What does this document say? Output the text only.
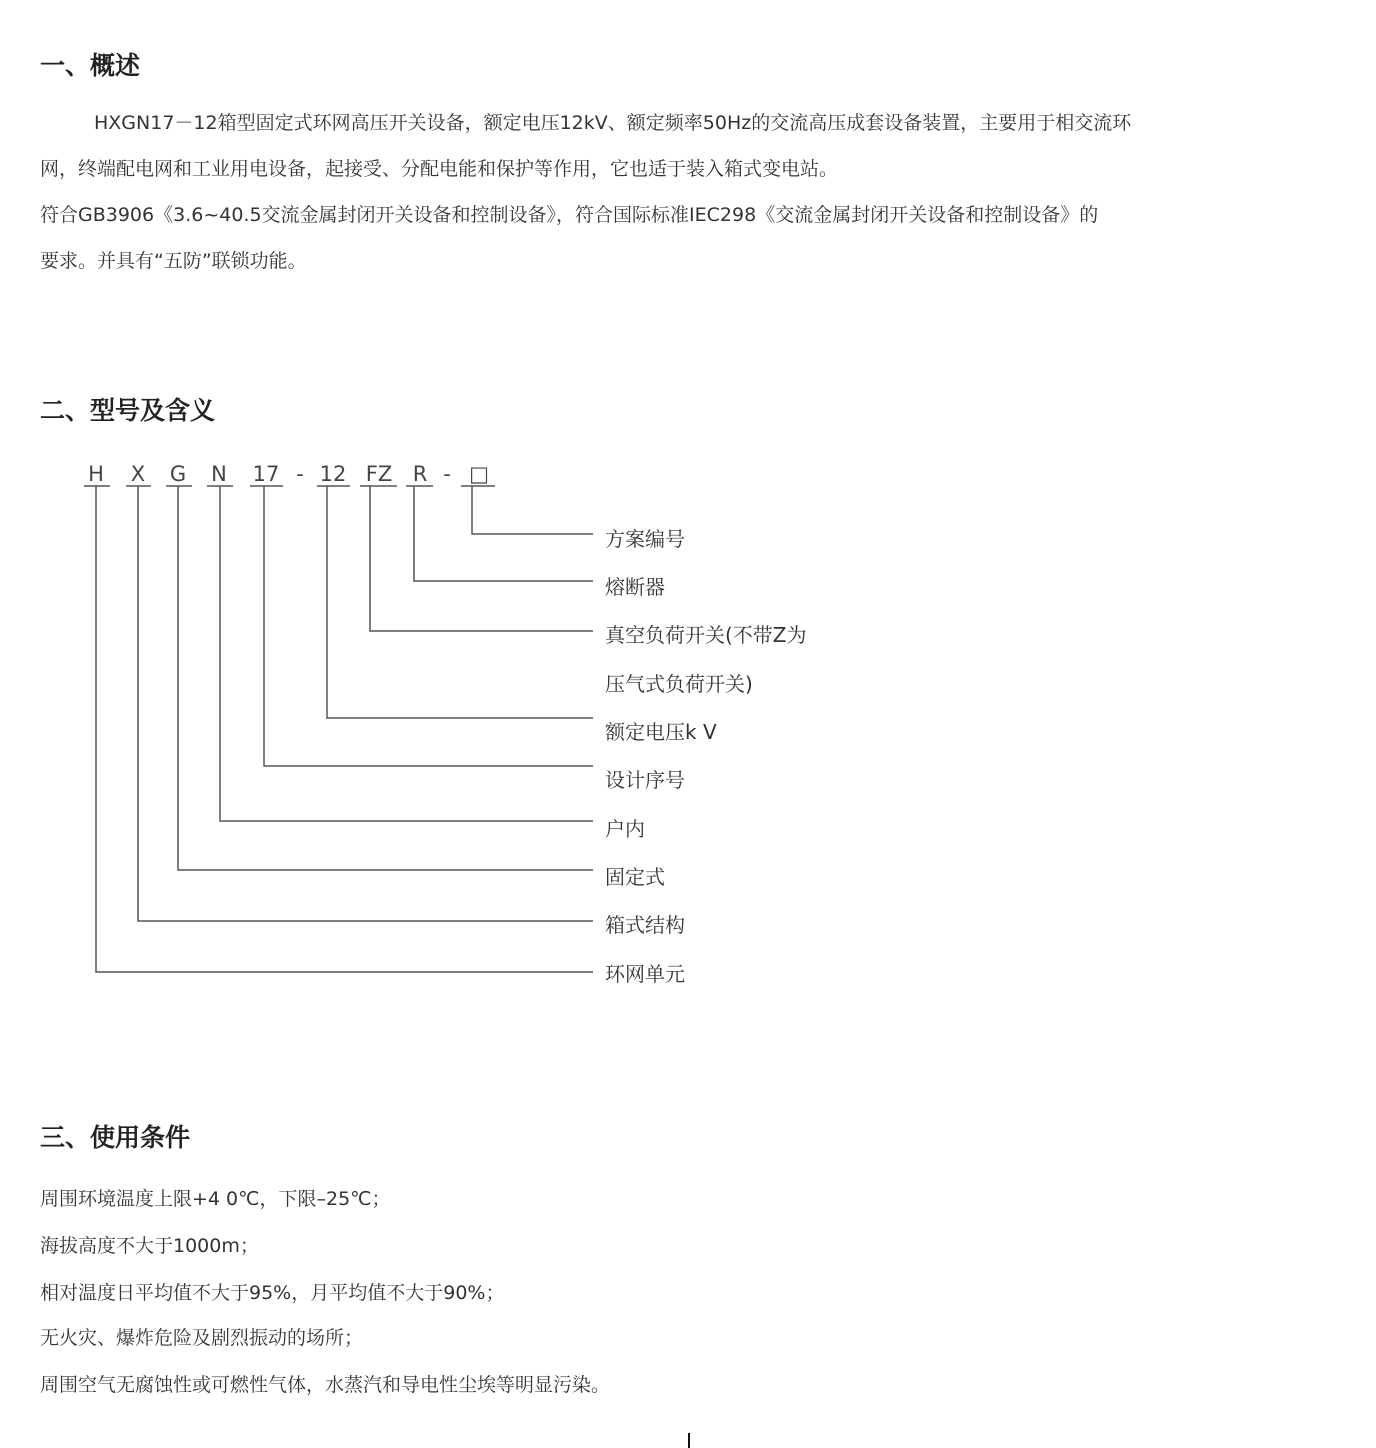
一、概述
HXGN17－12箱型固定式环网高压开关设备，额定电压12kV、额定频率50Hz的交流高压成套设备装置，主要用于相交流环
网，终端配电网和工业用电设备，起接受、分配电能和保护等作用，它也适于装入箱式变电站。
符合GB3906《3.6~40.5交流金属封闭开关设备和控制设备》，符合国际标准IEC298《交流金属封闭开关设备和控制设备》的
要求。并具有“五防”联锁功能。
二、型号及含义
H X G N 17 - 12 FZ R - □
方案编号
熔断器
真空负荷开关(不带Z为
压气式负荷开关)
额定电压k V
设计序号
户内
固定式
箱式结构
环网单元
三、使用条件

周围环境温度上限+4 0℃，下限–25℃；

海拔高度不大于1000m；

相对温度日平均值不大于95%，月平均值不大于90%；

无火灾、爆炸危险及剧烈振动的场所；

周围空气无腐蚀性或可燃性气体，水蒸汽和导电性尘埃等明显污染。
